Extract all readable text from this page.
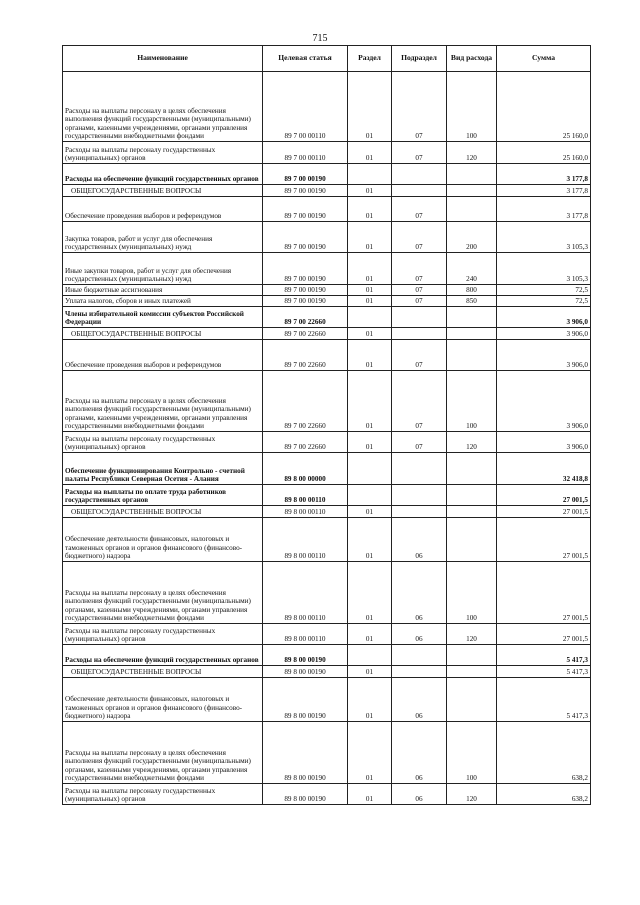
715
Наименование	Целевая статья	Раздел	Подраздел	Вид расхода	Сумма
Расходы на выплаты персоналу в целях обеспечения выполнения функций государственными (муниципальными) органами, казенными учреждениями, органами управления государственными внебюджетными фондами	89 7 00 00110	01	07	100	25 160,0
Расходы на выплаты персоналу государственных (муниципальных) органов	89 7 00 00110	01	07	120	25 160,0
Расходы на обеспечение функций государственных органов	89 7 00 00190				3 177,8
ОБЩЕГОСУДАРСТВЕННЫЕ ВОПРОСЫ	89 7 00 00190	01			3 177,8
Обеспечение проведения выборов и референдумов	89 7 00 00190	01	07		3 177,8
Закупка товаров, работ и услуг для обеспечения государственных (муниципальных) нужд	89 7 00 00190	01	07	200	3 105,3
Иные закупки товаров, работ и услуг для обеспечения государственных (муниципальных) нужд	89 7 00 00190	01	07	240	3 105,3
Иные бюджетные ассигнования	89 7 00 00190	01	07	800	72,5
Уплата налогов, сборов и иных платежей	89 7 00 00190	01	07	850	72,5
Члены избирательной комиссии субъектов Российской Федерации	89 7 00 22660				3 906,0
ОБЩЕГОСУДАРСТВЕННЫЕ ВОПРОСЫ	89 7 00 22660	01			3 906,0
Обеспечение проведения выборов и референдумов	89 7 00 22660	01	07		3 906,0
Расходы на выплаты персоналу в целях обеспечения выполнения функций государственными (муниципальными) органами, казенными учреждениями, органами управления государственными внебюджетными фондами	89 7 00 22660	01	07	100	3 906,0
Расходы на выплаты персоналу государственных (муниципальных) органов	89 7 00 22660	01	07	120	3 906,0
Обеспечение функционирования Контрольно - счетной палаты Республики Северная Осетия - Алания	89 8 00 00000				32 418,8
Расходы на выплаты по оплате труда работников государственных органов	89 8 00 00110				27 001,5
ОБЩЕГОСУДАРСТВЕННЫЕ ВОПРОСЫ	89 8 00 00110	01			27 001,5
Обеспечение деятельности финансовых, налоговых и таможенных органов и органов финансового (финансово-бюджетного) надзора	89 8 00 00110	01	06		27 001,5
Расходы на выплаты персоналу в целях обеспечения выполнения функций государственными (муниципальными) органами, казенными учреждениями, органами управления государственными внебюджетными фондами	89 8 00 00110	01	06	100	27 001,5
Расходы на выплаты персоналу государственных (муниципальных) органов	89 8 00 00110	01	06	120	27 001,5
Расходы на обеспечение функций государственных органов	89 8 00 00190				5 417,3
ОБЩЕГОСУДАРСТВЕННЫЕ ВОПРОСЫ	89 8 00 00190	01			5 417,3
Обеспечение деятельности финансовых, налоговых и таможенных органов и органов финансового (финансово-бюджетного) надзора	89 8 00 00190	01	06		5 417,3
Расходы на выплаты персоналу в целях обеспечения выполнения функций государственными (муниципальными) органами, казенными учреждениями, органами управления государственными внебюджетными фондами	89 8 00 00190	01	06	100	638,2
Расходы на выплаты персоналу государственных (муниципальных) органов	89 8 00 00190	01	06	120	638,2
